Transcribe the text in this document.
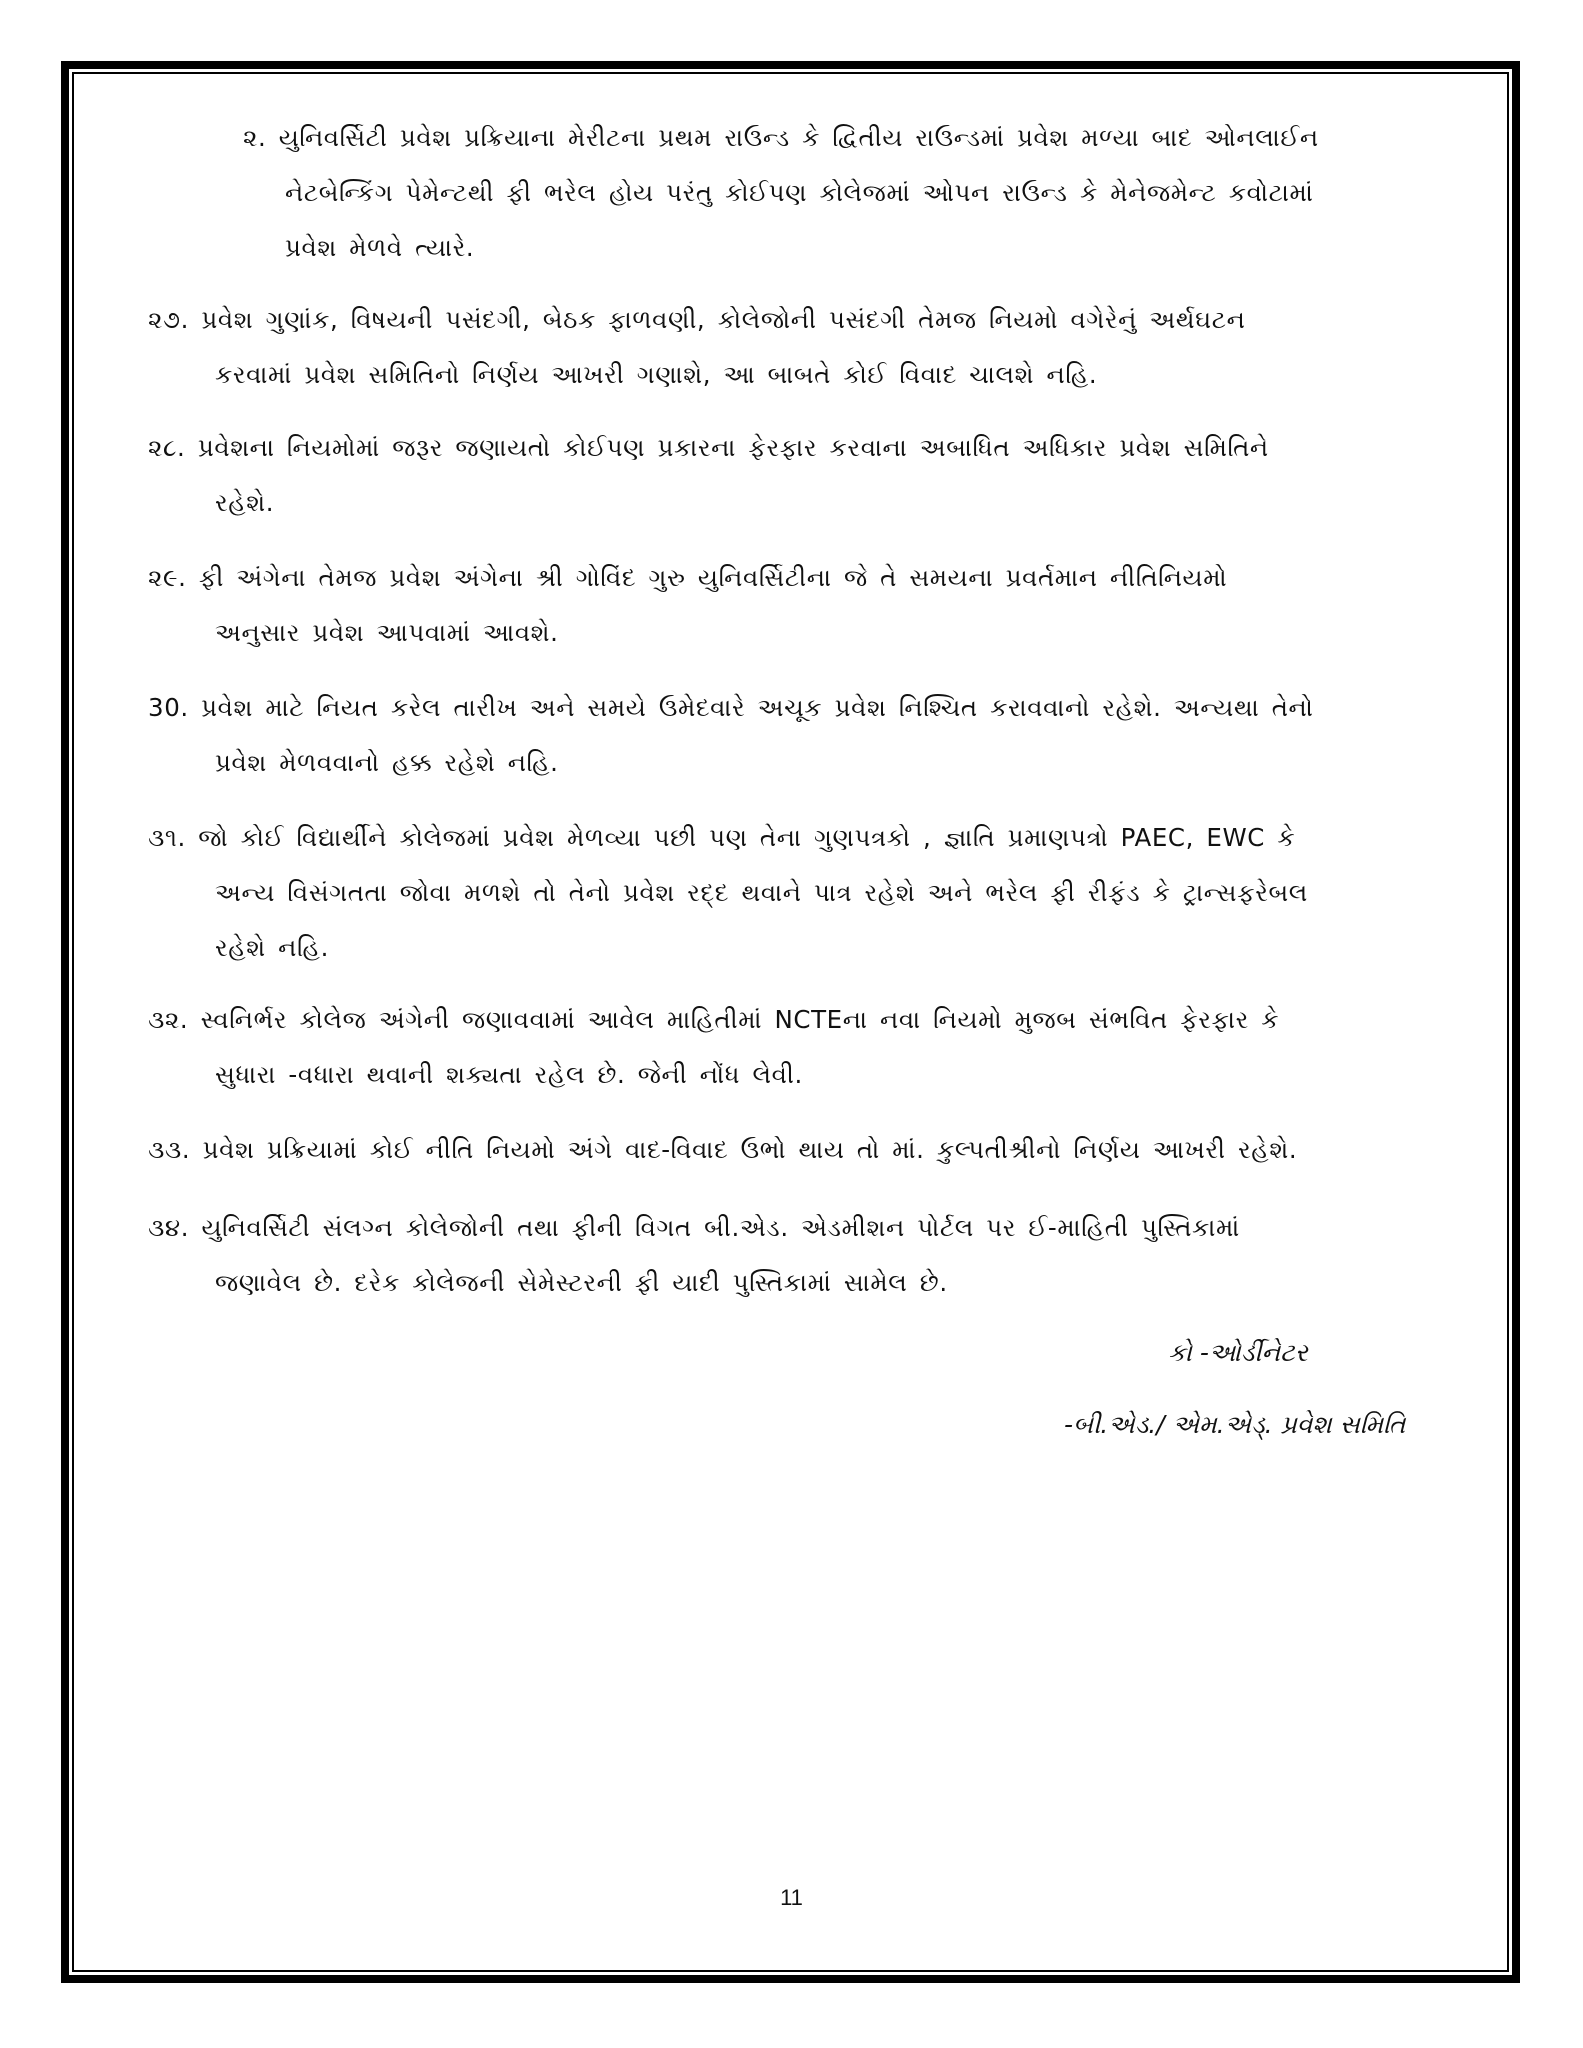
૨. યુનિવર્સિટી પ્રવેશ પ્રક્રિયાના મેરીટના પ્રથમ રાઉન્ડ કે દ્વિતીય રાઉન્ડમાં પ્રવેશ મળ્યા બાદ ઓનલાઈન
નેટબેન્કિંગ પેમેન્ટથી ફી ભરેલ હોય પરંતુ કોઈપણ કોલેજમાં ઓપન રાઉન્ડ કે મેનેજમેન્ટ કવોટામાં
પ્રવેશ મેળવે ત્યારે.
૨૭. પ્રવેશ ગુણાંક, વિષયની પસંદગી, બેઠક ફાળવણી, કોલેજોની પસંદગી તેમજ નિયમો વગેરેનું અર્થઘટન
કરવામાં પ્રવેશ સમિતિનો નિર્ણય આખરી ગણાશે, આ બાબતે કોઈ વિવાદ ચાલશે નહિ.
૨૮. પ્રવેશના નિયમોમાં જરૂર જણાયતો કોઈપણ પ્રકારના ફેરફાર કરવાના અબાધિત અધિકાર પ્રવેશ સમિતિને
રહેશે.
૨૯. ફી અંગેના તેમજ પ્રવેશ અંગેના શ્રી ગોવિંદ ગુરુ યુનિવર્સિટીના જે તે સમયના પ્રવર્તમાન નીતિનિયમો
અનુસાર પ્રવેશ આપવામાં આવશે.
30. પ્રવેશ માટે નિયત કરેલ તારીખ અને સમયે ઉમેદવારે અચૂક પ્રવેશ નિશ્ચિત કરાવવાનો રહેશે. અન્યથા તેનો
પ્રવેશ મેળવવાનો હક્ક રહેશે નહિ.
૩૧. જો કોઈ વિદ્યાર્થીને કોલેજમાં પ્રવેશ મેળવ્યા પછી પણ તેના ગુણપત્રકો , જ્ઞાતિ પ્રમાણપત્રો PAEC, EWC કે
અન્ય વિસંગતતા જોવા મળશે તો તેનો પ્રવેશ રદ્દ થવાને પાત્ર રહેશે અને ભરેલ ફી રીફંડ કે ટ્રાન્સફરેબલ
રહેશે નહિ.
૩૨. સ્વનિર્ભર કોલેજ અંગેની જણાવવામાં આવેલ માહિતીમાં NCTEના નવા નિયમો મુજબ સંભવિત ફેરફાર કે
સુધારા -વધારા થવાની શક્યતા રહેલ છે. જેની નોંધ લેવી.
૩૩. પ્રવેશ પ્રક્રિયામાં કોઈ નીતિ નિયમો અંગે વાદ-વિવાદ ઉભો થાય તો માં. કુલ્પતીશ્રીનો નિર્ણય આખરી રહેશે.
૩૪. યુનિવર્સિટી સંલગ્ન કોલેજોની તથા ફીની વિગત બી.એડ. એડમીશન પોર્ટલ પર ઈ-માહિતી પુસ્તિકામાં
જણાવેલ છે. દરેક કોલેજની સેમેસ્ટરની ફી યાદી પુસ્તિકામાં સામેલ છે.
કો -ઓર્ડીનેટર
-બી.એડ./ એમ.એડ્. પ્રવેશ સમિતિ
11
